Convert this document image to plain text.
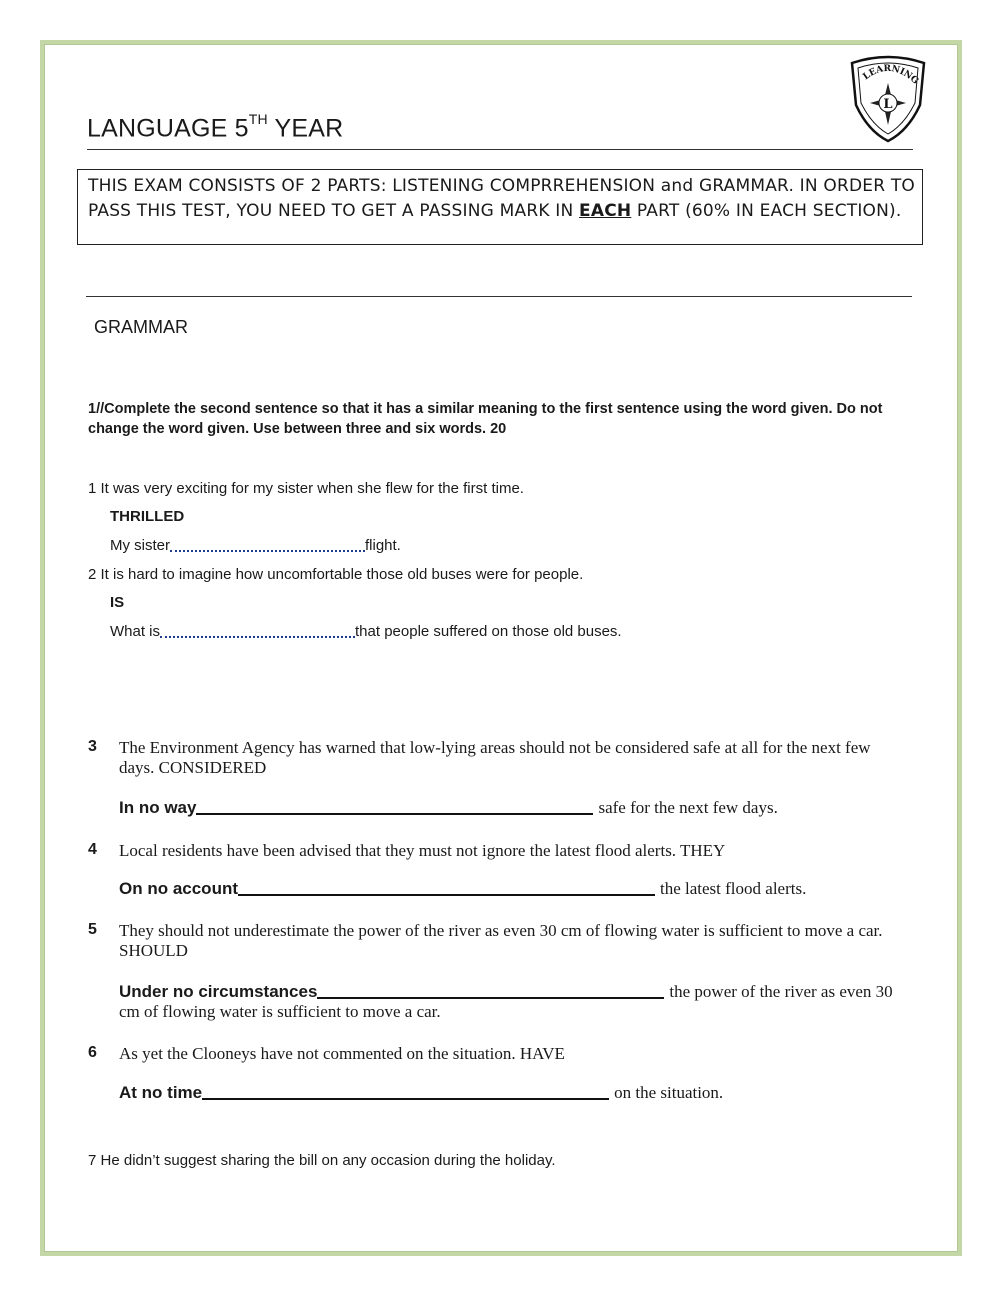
LEARNING
L
LANGUAGE 5TH YEAR
THIS EXAM CONSISTS OF 2 PARTS: LISTENING COMPRREHENSION and GRAMMAR. IN ORDER TO PASS THIS TEST, YOU NEED TO GET A PASSING MARK IN EACH PART (60% IN EACH SECTION).
GRAMMAR
1//Complete the second sentence so that it has a similar meaning to the first sentence using the word given. Do not change the word given. Use between three and six words. 20
1 It was very exciting for my sister when she flew for the first time.
THRILLED
My sister	flight.
2 It is hard to imagine how uncomfortable those old buses were for people.
IS
What is	that people suffered on those old buses.
3 The Environment Agency has warned that low-lying areas should not be considered safe at all for the next few days. CONSIDERED
In no way	safe for the next few days.
4 Local residents have been advised that they must not ignore the latest flood alerts. THEY
On no account	the latest flood alerts.
5 They should not underestimate the power of the river as even 30 cm of flowing water is sufficient to move a car. SHOULD
Under no circumstances	the power of the river as even 30 cm of flowing water is sufficient to move a car.
6 As yet the Clooneys have not commented on the situation. HAVE
At no time	on the situation.
7 He didn’t suggest sharing the bill on any occasion during the holiday.
